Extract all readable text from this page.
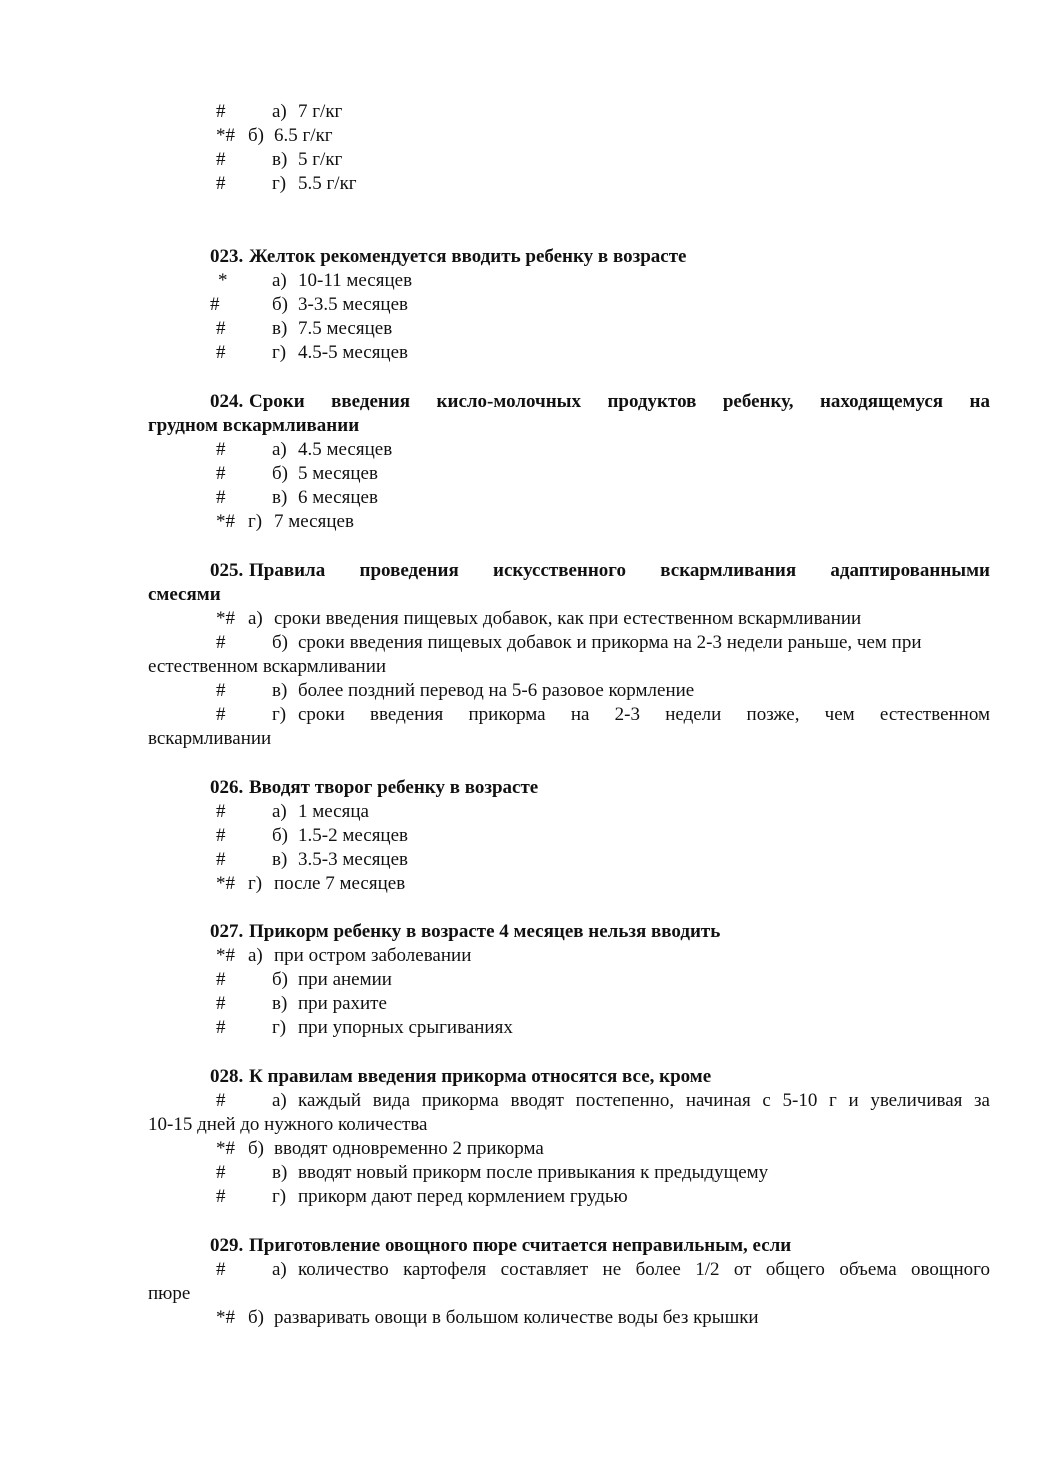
# а) 7 г/кг
*# б) 6.5 г/кг
# в) 5 г/кг
# г) 5.5 г/кг
023. Желток рекомендуется вводить ребенку в возрасте
* а) 10-11 месяцев
#	б) 3-3.5 месяцев
# в) 7.5 месяцев
# г) 4.5-5 месяцев
024. Сроки введения кисло-молочных продуктов ребенку, находящемуся на
грудном вскармливании
# а) 4.5 месяцев
# б) 5 месяцев
# в) 6 месяцев
*# г) 7 месяцев
025. Правила проведения искусственного вскармливания адаптированными
смесями
*# а) сроки введения пищевых добавок, как при естественном вскармливании
# б) сроки введения пищевых добавок и прикорма на 2-3 недели раньше, чем при
естественном вскармливании
# в) более поздний перевод на 5-6 разовое кормление
# г) сроки введения прикорма на 2-3 недели позже, чем естественном
вскармливании
026. Вводят творог ребенку в возрасте
# а) 1 месяца
# б) 1.5-2 месяцев
# в) 3.5-3 месяцев
*# г) после 7 месяцев
027. Прикорм ребенку в возрасте 4 месяцев нельзя вводить
*# а) при остром заболевании
# б) при анемии
# в) при рахите
# г) при упорных срыгиваниях
028. К правилам введения прикорма относятся все, кроме
# а) каждый вида прикорма вводят постепенно, начиная с 5-10 г и увеличивая за
10-15 дней до нужного количества
*# б) вводят одновременно 2 прикорма
# в) вводят новый прикорм после привыкания к предыдущему
# г) прикорм дают перед кормлением грудью
029. Приготовление овощного пюре считается неправильным, если
# а) количество картофеля составляет не более 1/2 от общего объема овощного
пюре
*# б) разваривать овощи в большом количестве воды без крышки
